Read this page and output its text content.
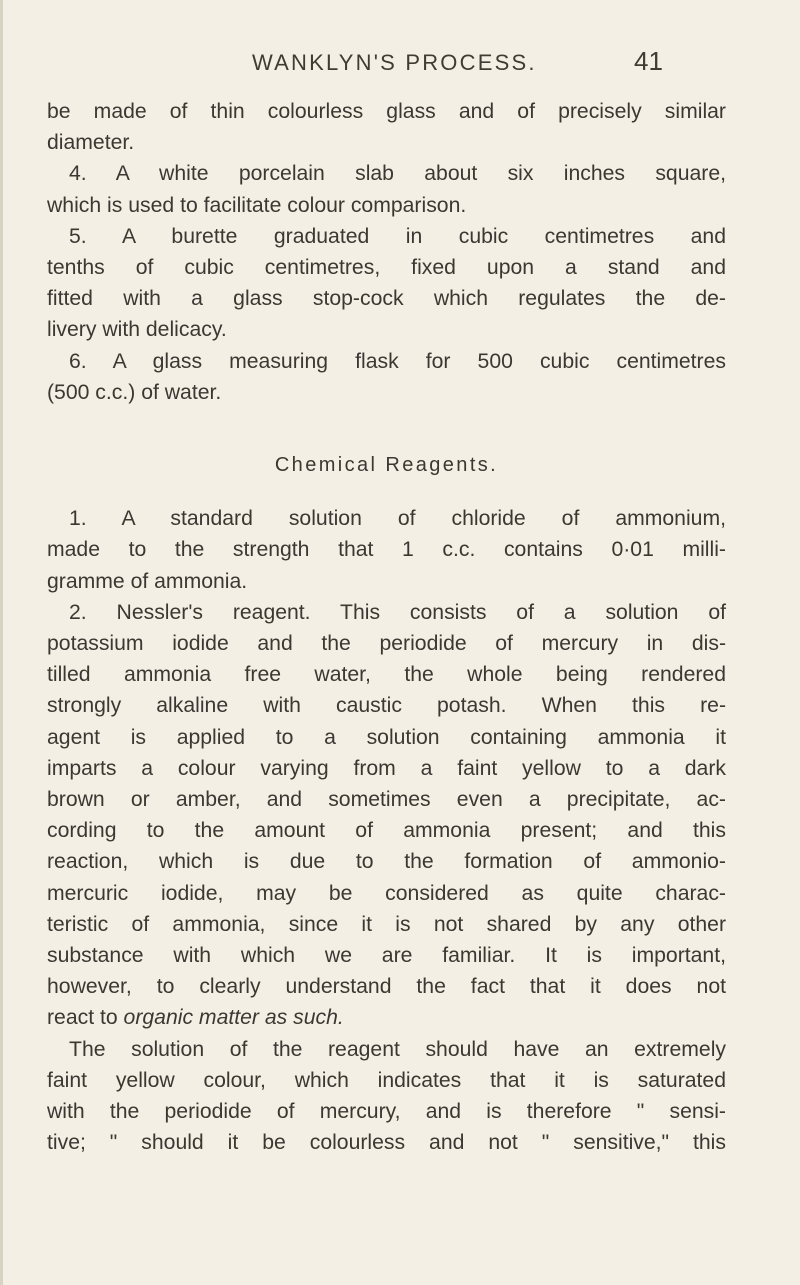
WANKLYN'S PROCESS.	41

be made of thin colourless glass and of precisely similar

diameter.

4. A white porcelain slab about six inches square,

which is used to facilitate colour comparison.

5. A burette graduated in cubic centimetres and

tenths of cubic centimetres, fixed upon a stand and

fitted with a glass stop-cock which regulates the de-

livery with delicacy.

6. A glass measuring flask for 500 cubic centimetres

(500 c.c.) of water.

Chemical Reagents.

1. A standard solution of chloride of ammonium,

made to the strength that 1 c.c. contains 0·01 milli-

gramme of ammonia.

2. Nessler's reagent. This consists of a solution of

potassium iodide and the periodide of mercury in dis-

tilled ammonia free water, the whole being rendered

strongly alkaline with caustic potash. When this re-

agent is applied to a solution containing ammonia it

imparts a colour varying from a faint yellow to a dark

brown or amber, and sometimes even a precipitate, ac-

cording to the amount of ammonia present; and this

reaction, which is due to the formation of ammonio-

mercuric iodide, may be considered as quite charac-

teristic of ammonia, since it is not shared by any other

substance with which we are familiar. It is important,

however, to clearly understand the fact that it does not

react to organic matter as such.

The solution of the reagent should have an extremely

faint yellow colour, which indicates that it is saturated

with the periodide of mercury, and is therefore " sensi-

tive; " should it be colourless and not " sensitive," this
